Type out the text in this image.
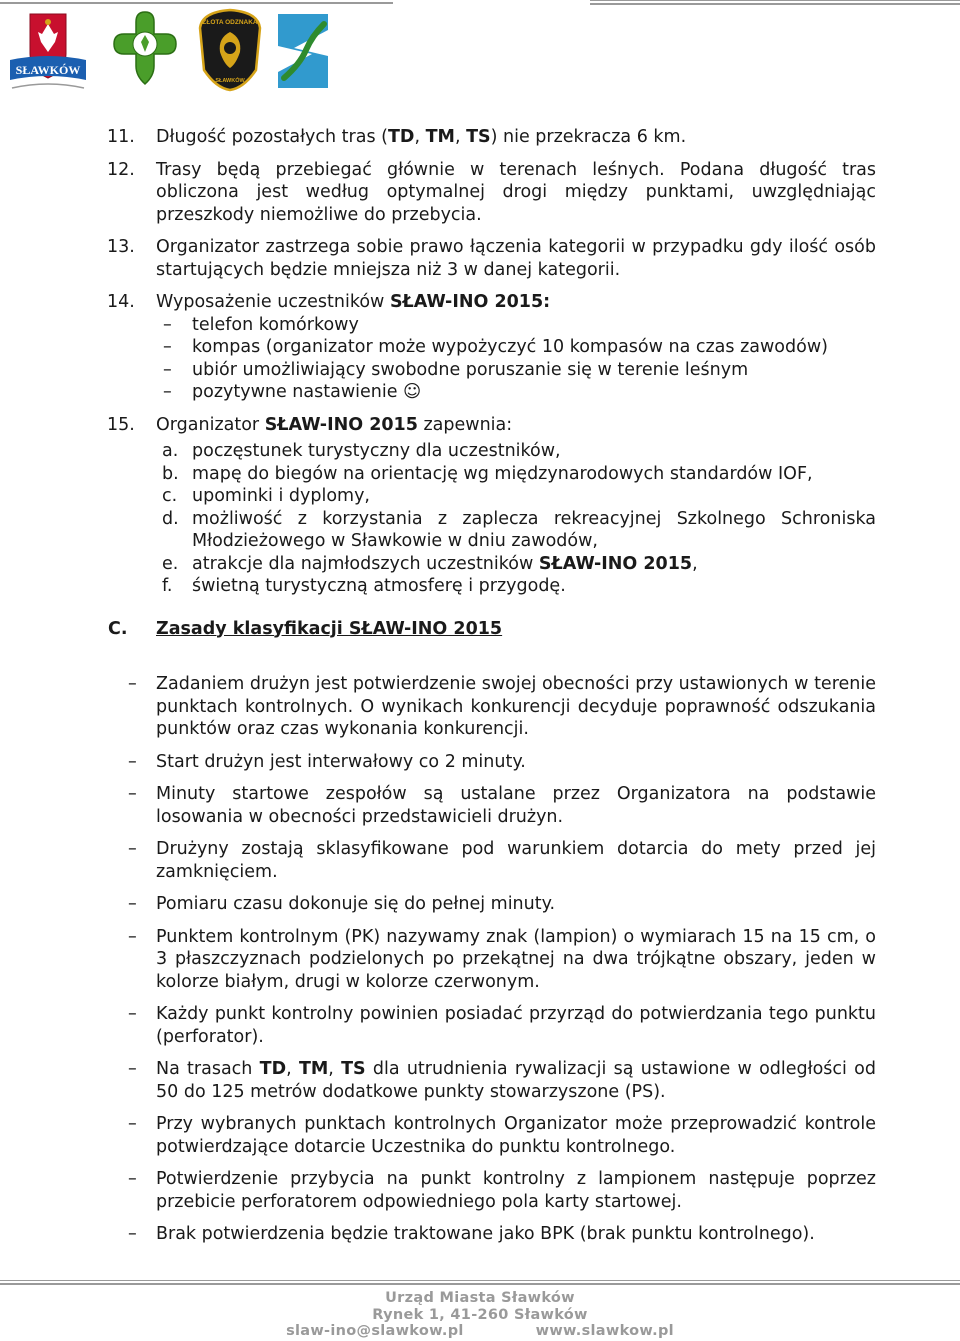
SŁAWKÓW
ZŁOTA ODZNAKA
SŁAWKÓW
11. Długość pozostałych tras (TD, TM, TS) nie przekracza 6 km.
12. Trasy będą przebiegać głównie w terenach leśnych. Podana długość tras obliczona jest według optymalnej drogi między punktami, uwzględniając przeszkody niemożliwe do przebycia.
13. Organizator zastrzega sobie prawo łączenia kategorii w przypadku gdy ilość osób startujących będzie mniejsza niż 3 w danej kategorii.
14. Wyposażenie uczestników SŁAW-INO 2015:
– telefon komórkowy
– kompas (organizator może wypożyczyć 10 kompasów na czas zawodów)
– ubiór umożliwiający swobodne poruszanie się w terenie leśnym
– pozytywne nastawienie ☺
15. Organizator SŁAW-INO 2015 zapewnia:
a. poczęstunek turystyczny dla uczestników,
b. mapę do biegów na orientację wg międzynarodowych standardów IOF,
c. upominki i dyplomy,
d. możliwość z korzystania z zaplecza rekreacyjnej Szkolnego Schroniska Młodzieżowego w Sławkowie w dniu zawodów,
e. atrakcje dla najmłodszych uczestników SŁAW-INO 2015,
f. świetną turystyczną atmosferę i przygodę.
C. Zasady klasyfikacji SŁAW-INO 2015
– Zadaniem drużyn jest potwierdzenie swojej obecności przy ustawionych w terenie punktach kontrolnych. O wynikach konkurencji decyduje poprawność odszukania punktów oraz czas wykonania konkurencji.
– Start drużyn jest interwałowy co 2 minuty.
– Minuty startowe zespołów są ustalane przez Organizatora na podstawie losowania w obecności przedstawicieli drużyn.
– Drużyny zostają sklasyfikowane pod warunkiem dotarcia do mety przed jej zamknięciem.
– Pomiaru czasu dokonuje się do pełnej minuty.
– Punktem kontrolnym (PK) nazywamy znak (lampion) o wymiarach 15 na 15 cm, o 3 płaszczyznach podzielonych po przekątnej na dwa trójkątne obszary, jeden w kolorze białym, drugi w kolorze czerwonym.
– Każdy punkt kontrolny powinien posiadać przyrząd do potwierdzania tego punktu (perforator).
– Na trasach TD, TM, TS dla utrudnienia rywalizacji są ustawione w odległości od 50 do 125 metrów dodatkowe punkty stowarzyszone (PS).
– Przy wybranych punktach kontrolnych Organizator może przeprowadzić kontrole potwierdzające dotarcie Uczestnika do punktu kontrolnego.
– Potwierdzenie przybycia na punkt kontrolny z lampionem następuje poprzez przebicie perforatorem odpowiedniego pola karty startowej.
– Brak potwierdzenia będzie traktowane jako BPK (brak punktu kontrolnego).
Urząd Miasta Sławków
Rynek 1, 41-260 Sławków
slaw-ino@slawkow.pl	www.slawkow.pl
